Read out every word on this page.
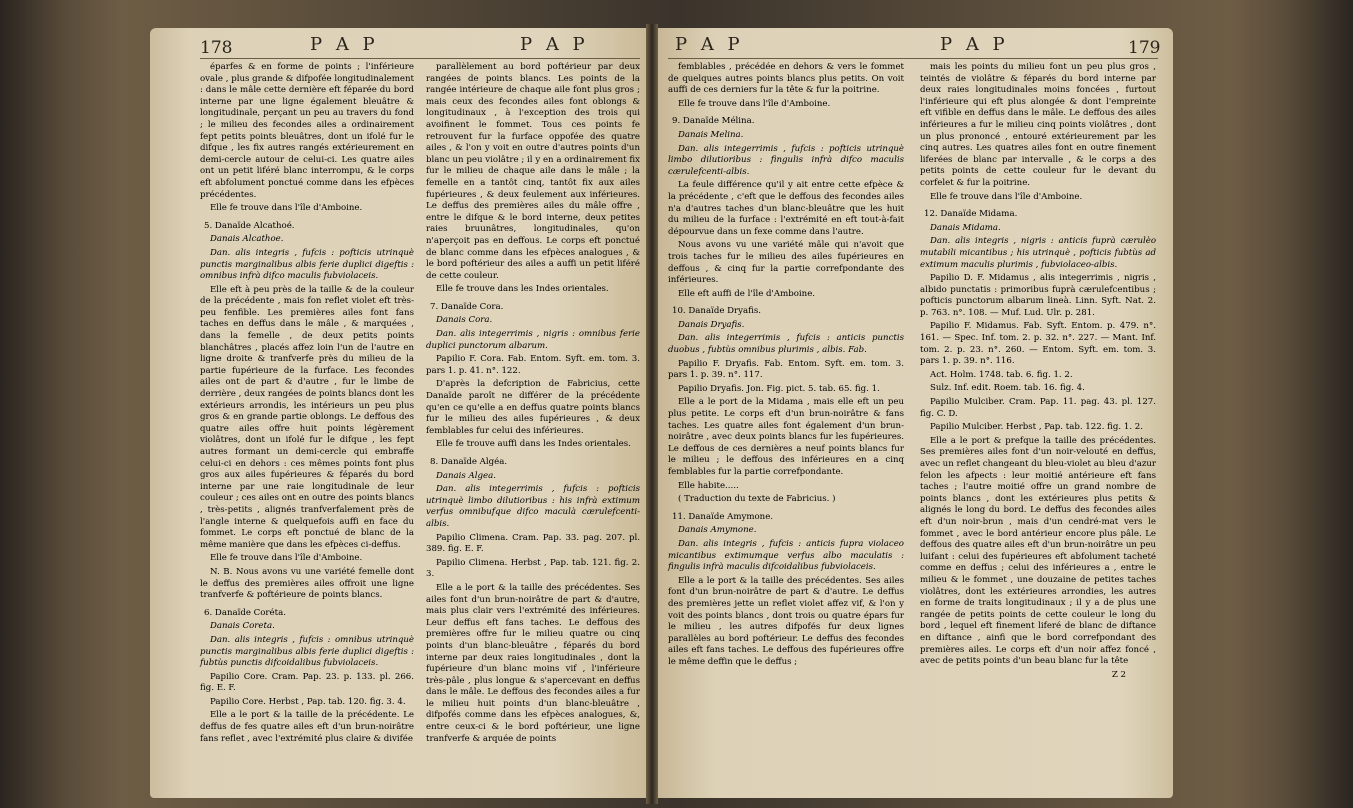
178	P A P	P A P	P A P	P A P	179

éparfes & en forme de points ; l'inférieure ovale , plus grande & difpofée longitudinalement : dans le mâle cette dernière eft féparée du bord interne par une ligne également bleuâtre & longitudinale, perçant un peu au travers du fond ; le milieu des fecondes ailes a ordinairement fept petits points bleuâtres, dont un ifolé fur le difque , les fix autres rangés extérieurement en demi-cercle autour de celui-ci. Les quatre ailes ont un petit liféré blanc interrompu, & le corps eft abfolument ponctué comme dans les efpèces précédentes.

Elle fe trouve dans l'île d'Amboine.

5. Danaïde Alcathoé.

Danais Alcathoe.

Dan. alis integris , fufcis : pofticis utrinquè punctis marginalibus albis ferie duplici digeftis : omnibus infrà difco maculis fubviolaceis.

Elle eft à peu près de la taille & de la couleur de la précédente , mais fon reflet violet eft très-peu fenfible. Les premières ailes font fans taches en deffus dans le mâle , & marquées , dans la femelle , de deux petits points blanchâtres , placés affez loin l'un de l'autre en ligne droite & tranfverfe près du milieu de la partie fupérieure de la furface. Les fecondes ailes ont de part & d'autre , fur le limbe de derrière , deux rangées de points blancs dont les extérieurs arrondis, les intérieurs un peu plus gros & en grande partie oblongs. Le deffous des quatre ailes offre huit points légèrement violâtres, dont un ifolé fur le difque , les fept autres formant un demi-cercle qui embraffe celui-ci en dehors : ces mêmes points font plus gros aux ailes fupérieures & féparés du bord interne par une raie longitudinale de leur couleur ; ces ailes ont en outre des points blancs , très-petits , alignés tranfverfalement près de l'angle interne & quelquefois auffi en face du fommet. Le corps eft ponctué de blanc de la même manière que dans les efpèces ci-deffus.

Elle fe trouve dans l'île d'Amboine.

N. B. Nous avons vu une variété femelle dont le deffus des premières ailes offroit une ligne tranfverfe & poftérieure de points blancs.

6. Danaïde Coréta.

Danais Coreta.

Dan. alis integris , fufcis : omnibus utrinquè punctis marginalibus albis ferie duplici digeftis : fubtùs punctis difcoidalibus fubviolaceis.

Papilio Core. Cram. Pap. 23. p. 133. pl. 266. fig. E. F.

Papilio Core. Herbst , Pap. tab. 120. fig. 3. 4.

Elle a le port & la taille de la précédente. Le deffus de fes quatre ailes eft d'un brun-noirâtre fans reflet , avec l'extrémité plus claire & divifée

parallèlement au bord poftérieur par deux rangées de points blancs. Les points de la rangée intérieure de chaque aile font plus gros ; mais ceux des fecondes ailes font oblongs & longitudinaux , à l'exception des trois qui avoifinent le fommet. Tous ces points fe retrouvent fur la furface oppofée des quatre ailes , & l'on y voit en outre d'autres points d'un blanc un peu violâtre ; il y en a ordinairement fix fur le milieu de chaque aile dans le mâle ; la femelle en a tantôt cinq, tantôt fix aux ailes fupérieures , & deux feulement aux inférieures. Le deffus des premières ailes du mâle offre , entre le difque & le bord interne, deux petites raies bruunâtres, longitudinales, qu'on n'aperçoit pas en deffous. Le corps eft ponctué de blanc comme dans les efpèces analogues , & le bord poftérieur des ailes a auffi un petit liféré de cette couleur.

Elle fe trouve dans les Indes orientales.

7. Danaïde Cora.

Danais Cora.

Dan. alis integerrimis , nigris : omnibus ferie duplici punctorum albarum.

Papilio F. Cora. Fab. Entom. Syft. em. tom. 3. pars 1. p. 41. n°. 122.

D'après la defcription de Fabricius, cette Danaïde paroît ne différer de la précédente qu'en ce qu'elle a en deffus quatre points blancs fur le milieu des ailes fupérieures , & deux femblables fur celui des inférieures.

Elle fe trouve auffi dans les Indes orientales.

8. Danaïde Algéa.

Danais Algea.

Dan. alis integerrimis , fufcis : pofticis utrinquè limbo dilutioribus : his infrà extimum verfus omnibufque difco maculà cærulefcenti-albis.

Papilio Climena. Cram. Pap. 33. pag. 207. pl. 389. fig. E. F.

Papilio Climena. Herbst , Pap. tab. 121. fig. 2. 3.

Elle a le port & la taille des précédentes. Ses ailes font d'un brun-noirâtre de part & d'autre, mais plus clair vers l'extrémité des inférieures. Leur deffus eft fans taches. Le deffous des premières offre fur le milieu quatre ou cinq points d'un blanc-bleuâtre , féparés du bord interne par deux raies longitudinales , dont la fupérieure d'un blanc moins vif , l'inférieure très-pâle , plus longue & s'apercevant en deffus dans le mâle. Le deffous des fecondes ailes a fur le milieu huit points d'un blanc-bleuâtre , difpofés comme dans les efpèces analogues, &, entre ceux-ci & le bord poftérieur, une ligne tranfverfe & arquée de points

femblables , précédée en dehors & vers le fommet de quelques autres points blancs plus petits. On voit auffi de ces derniers fur la tête & fur la poitrine.

Elle fe trouve dans l'île d'Amboine.

9. Danaïde Mélina.

Danais Melina.

Dan. alis integerrimis , fufcis : pofticis utrinquè limbo dilutioribus : fingulis infrà difco maculis cærulefcenti-albis.

La feule différence qu'il y ait entre cette efpèce & la précédente , c'eft que le deffous des fecondes ailes n'a d'autres taches d'un blanc-bleuâtre que les huit du milieu de la furface : l'extrémité en eft tout-à-fait dépourvue dans un fexe comme dans l'autre.

Nous avons vu une variété mâle qui n'avoit que trois taches fur le milieu des ailes fupérieures en deffous , & cinq fur la partie correfpondante des inférieures.

Elle eft auffi de l'île d'Amboine.

10. Danaïde Dryafis.

Danais Dryafis.

Dan. alis integerrimis , fufcis : anticis punctis duobus , fubtùs omnibus plurimis , albis. Fab.

Papilio F. Dryafis. Fab. Entom. Syft. em. tom. 3. pars 1. p. 39. n°. 117.

Papilio Dryafis. Jon. Fig. pict. 5. tab. 65. fig. 1.

Elle a le port de la Midama , mais elle eft un peu plus petite. Le corps eft d'un brun-noirâtre & fans taches. Les quatre ailes font également d'un brun-noirâtre , avec deux points blancs fur les fupérieures. Le deffous de ces dernières a neuf points blancs fur le milieu ; le deffous des inférieures en a cinq femblables fur la partie correfpondante.

Elle habite.....

( Traduction du texte de Fabricius. )

11. Danaïde Amymone.

Danais Amymone.

Dan. alis integris , fufcis : anticis fupra violaceo micantibus extimumque verfus albo maculatis : fingulis infrà maculis difcoidalibus fubviolaceis.

Elle a le port & la taille des précédentes. Ses ailes font d'un brun-noirâtre de part & d'autre. Le deffus des premières jette un reflet violet affez vif, & l'on y voit des points blancs , dont trois ou quatre épars fur le milieu , les autres difpofés fur deux lignes parallèles au bord poftérieur. Le deffus des fecondes ailes eft fans taches. Le deffous des fupérieures offre le même deffin que le deffus ;

mais les points du milieu font un peu plus gros , teintés de violâtre & féparés du bord interne par deux raies longitudinales moins foncées , furtout l'inférieure qui eft plus alongée & dont l'empreinte eft vifible en deffus dans le mâle. Le deffous des ailes inférieures a fur le milieu cinq points violâtres , dont un plus prononcé , entouré extérieurement par les cinq autres. Les quatres ailes font en outre finement liferées de blanc par intervalle , & le corps a des petits points de cette couleur fur le devant du corfelet & fur la poitrine.

Elle fe trouve dans l'île d'Amboine.

12. Danaïde Midama.

Danais Midama.

Dan. alis integris , nigris : anticis fuprà cærulèo mutabili micantibus ; his utrinquè , pofticis fubtùs ad extimum maculis plurimis , fubviolaceo-albis.

Papilio D. F. Midamus , alis integerrimis , nigris , albido punctatis : primoribus fuprà cærulefcentibus ; pofticis punctorum albarum lineà. Linn. Syft. Nat. 2. p. 763. n°. 108. — Muf. Lud. Ulr. p. 281.

Papilio F. Midamus. Fab. Syft. Entom. p. 479. n°. 161. — Spec. Inf. tom. 2. p. 32. n°. 227. — Mant. Inf. tom. 2. p. 23. n°. 260. — Entom. Syft. em. tom. 3. pars 1. p. 39. n°. 116.

Act. Holm. 1748. tab. 6. fig. 1. 2.

Sulz. Inf. edit. Roem. tab. 16. fig. 4.

Papilio Mulciber. Cram. Pap. 11. pag. 43. pl. 127. fig. C. D.

Papilio Mulciber. Herbst , Pap. tab. 122. fig. 1. 2.

Elle a le port & prefque la taille des précédentes. Ses premières ailes font d'un noir-velouté en deffus, avec un reflet changeant du bleu-violet au bleu d'azur felon les afpects : leur moitié antérieure eft fans taches ; l'autre moitié offre un grand nombre de points blancs , dont les extérieures plus petits & alignés le long du bord. Le deffus des fecondes ailes eft d'un noir-brun , mais d'un cendré-mat vers le fommet , avec le bord antérieur encore plus pâle. Le deffous des quatre ailes eft d'un brun-noirâtre un peu luifant : celui des fupérieures eft abfolument tacheté comme en deffus ; celui des inférieures a , entre le milieu & le fommet , une douzaine de petites taches violâtres, dont les extérieures arrondies, les autres en forme de traits longitudinaux ; il y a de plus une rangée de petits points de cette couleur le long du bord , lequel eft finement liferé de blanc de diftance en diftance , ainfi que le bord correfpondant des premières ailes. Le corps eft d'un noir affez foncé , avec de petits points d'un beau blanc fur la tête

Z 2
